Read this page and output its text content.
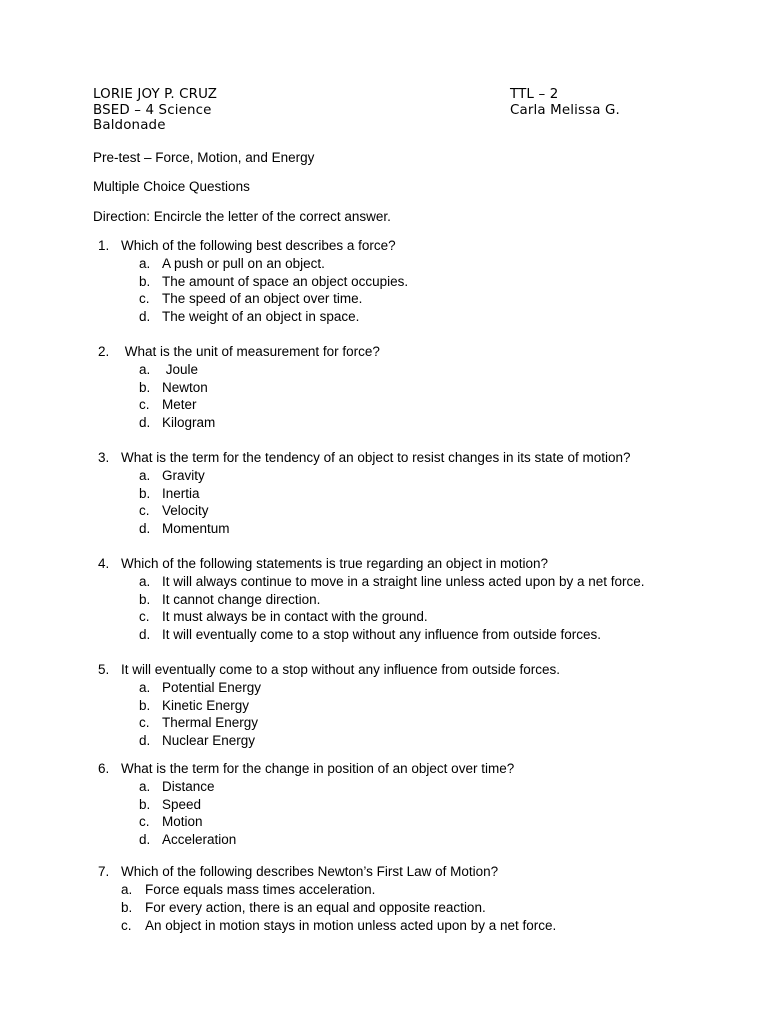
LORIE JOY P. CRUZ
BSED – 4 Science
Baldonade
TTL – 2
Carla Melissa G.
Pre-test – Force, Motion, and Energy
Multiple Choice Questions
Direction: Encircle the letter of the correct answer.
1. Which of the following best describes a force?
a. A push or pull on an object.
b. The amount of space an object occupies.
c. The speed of an object over time.
d. The weight of an object in space.
2. What is the unit of measurement for force?
a. Joule
b. Newton
c. Meter
d. Kilogram
3. What is the term for the tendency of an object to resist changes in its state of motion?
a. Gravity
b. Inertia
c. Velocity
d. Momentum
4. Which of the following statements is true regarding an object in motion?
a. It will always continue to move in a straight line unless acted upon by a net force.
b. It cannot change direction.
c. It must always be in contact with the ground.
d. It will eventually come to a stop without any influence from outside forces.
5. It will eventually come to a stop without any influence from outside forces.
a. Potential Energy
b. Kinetic Energy
c. Thermal Energy
d. Nuclear Energy
6. What is the term for the change in position of an object over time?
a. Distance
b. Speed
c. Motion
d. Acceleration
7. Which of the following describes Newton’s First Law of Motion?
a. Force equals mass times acceleration.
b. For every action, there is an equal and opposite reaction.
c. An object in motion stays in motion unless acted upon by a net force.
